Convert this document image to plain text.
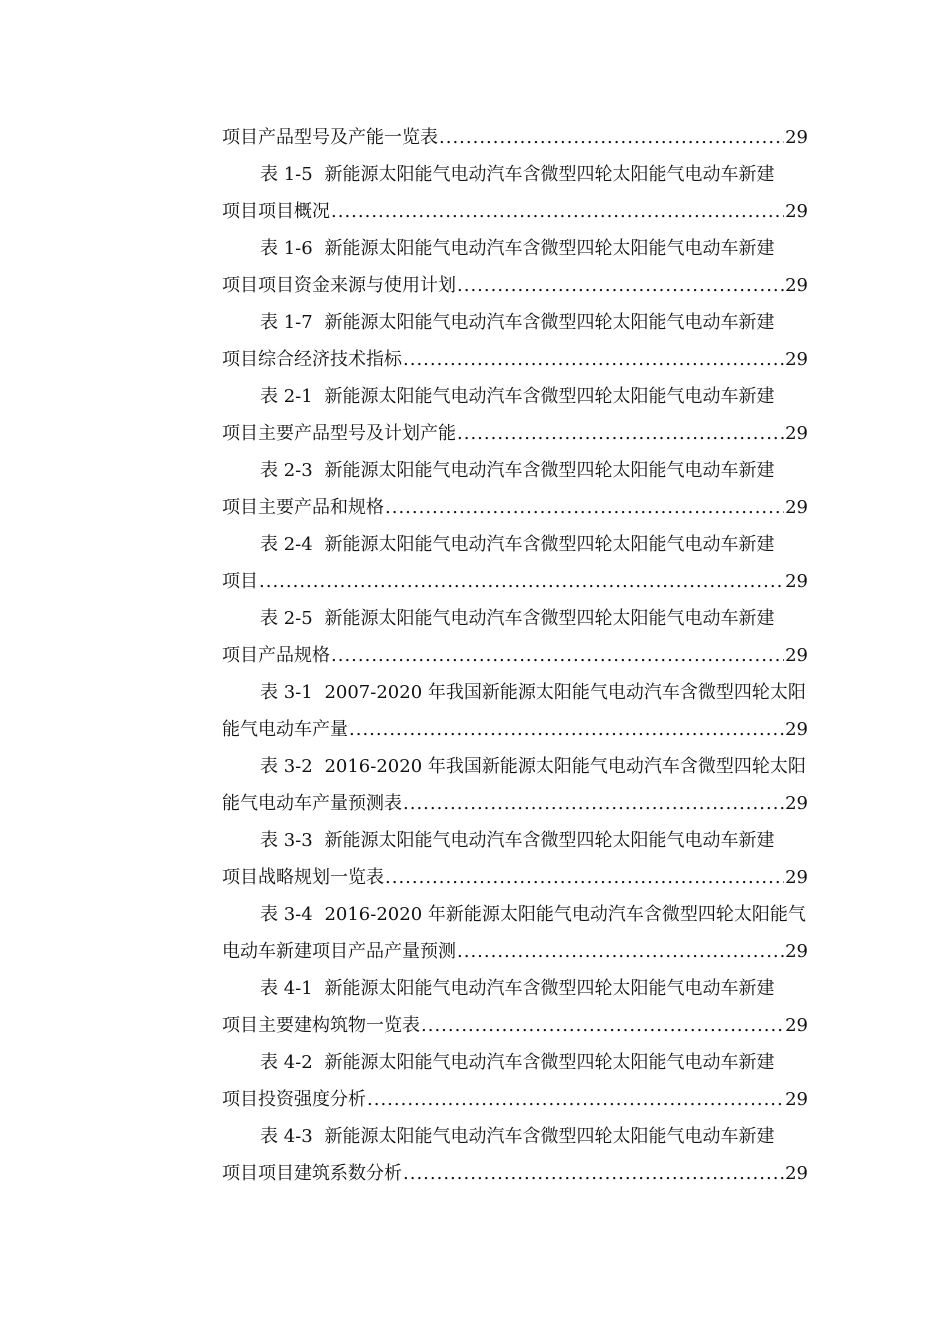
项目产品型号及产能一览表 .....	29
表 1-5 新能源太阳能气电动汽车含微型四轮太阳能气电动车新建
项目项目概况 .....	29
表 1-6 新能源太阳能气电动汽车含微型四轮太阳能气电动车新建
项目项目资金来源与使用计划 .....	29
表 1-7 新能源太阳能气电动汽车含微型四轮太阳能气电动车新建
项目综合经济技术指标 .....	29
表 2-1 新能源太阳能气电动汽车含微型四轮太阳能气电动车新建
项目主要产品型号及计划产能 .....	29
表 2-3 新能源太阳能气电动汽车含微型四轮太阳能气电动车新建
项目主要产品和规格 .....	29
表 2-4 新能源太阳能气电动汽车含微型四轮太阳能气电动车新建
项目 .....	29
表 2-5 新能源太阳能气电动汽车含微型四轮太阳能气电动车新建
项目产品规格 .....	29
表 3-1 2007-2020 年我国新能源太阳能气电动汽车含微型四轮太阳
能气电动车产量 .....	29
表 3-2 2016-2020 年我国新能源太阳能气电动汽车含微型四轮太阳
能气电动车产量预测表 .....	29
表 3-3 新能源太阳能气电动汽车含微型四轮太阳能气电动车新建
项目战略规划一览表 .....	29
表 3-4 2016-2020 年新能源太阳能气电动汽车含微型四轮太阳能气
电动车新建项目产品产量预测 .....	29
表 4-1 新能源太阳能气电动汽车含微型四轮太阳能气电动车新建
项目主要建构筑物一览表 .....	29
表 4-2 新能源太阳能气电动汽车含微型四轮太阳能气电动车新建
项目投资强度分析 .....	29
表 4-3 新能源太阳能气电动汽车含微型四轮太阳能气电动车新建
项目项目建筑系数分析 .....	29
